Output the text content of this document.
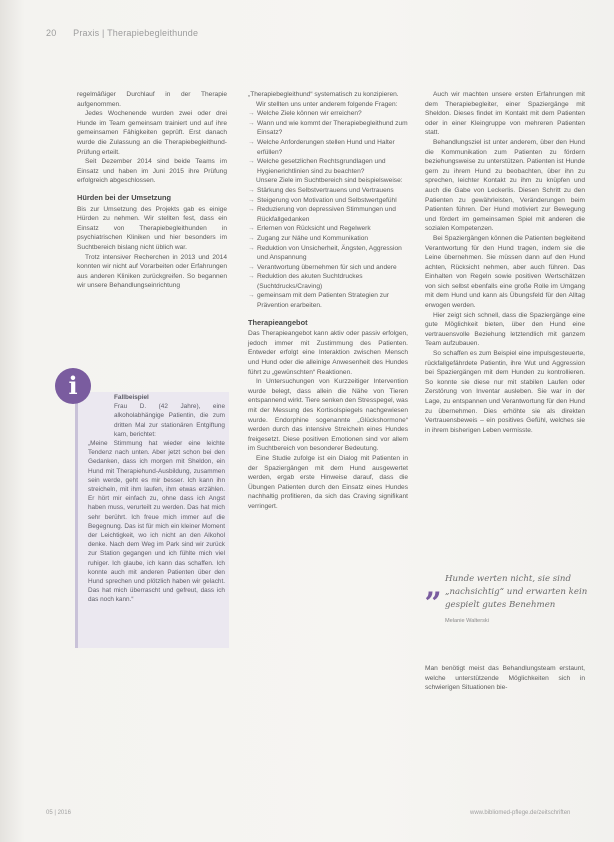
20 Praxis | Therapiebegleithunde

regelmäßiger Durchlauf in der Therapie aufgenommen.

Jedes Wochenende wurden zwei oder drei Hunde im Team gemeinsam trainiert und auf ihre gemeinsamen Fähigkeiten geprüft. Erst danach wurde die Zulassung an die Therapiebegleithund-Prüfung erteilt.

Seit Dezember 2014 sind beide Teams im Einsatz und haben im Juni 2015 ihre Prüfung erfolgreich abgeschlossen.

Hürden bei der Umsetzung

Bis zur Umsetzung des Projekts gab es einige Hürden zu nehmen. Wir stellten fest, dass ein Einsatz von Therapiebegleithunden in psychiatrischen Kliniken und hier besonders im Suchtbereich bislang nicht üblich war.

Trotz intensiver Recherchen in 2013 und 2014 konnten wir nicht auf Vorarbeiten oder Erfahrungen aus anderen Kliniken zurückgreifen. So begannen wir unsere Behandlungseinrichtung

Fallbeispiel

Frau D. (42 Jahre), eine alkoholabhängige Patientin, die zum dritten Mal zur stationären Entgiftung kam, berichtet:

„Meine Stimmung hat wieder eine leichte Tendenz nach unten. Aber jetzt schon bei den Gedanken, dass ich morgen mit Sheldon, ein Hund mit Therapiehund-Ausbildung, zusammen sein werde, geht es mir besser. Ich kann ihn streicheln, mit ihm laufen, ihm etwas erzählen. Er hört mir einfach zu, ohne dass ich Angst haben muss, verurteilt zu werden. Das hat mich sehr berührt. Ich freue mich immer auf die Begegnung. Das ist für mich ein kleiner Moment der Leichtigkeit, wo ich nicht an den Alkohol denke. Nach dem Weg im Park sind wir zurück zur Station gegangen und ich fühlte mich viel ruhiger. Ich glaube, ich kann das schaffen. Ich konnte auch mit anderen Patienten über den Hund sprechen und plötzlich haben wir gelacht. Das hat mich überrascht und gefreut, dass ich das noch kann.“

i

„Therapiebegleithund“ systematisch zu konzipieren.

Wir stellten uns unter anderem folgende Fragen:

→ Welche Ziele können wir erreichen?
→ Wann und wie kommt der Therapiebegleithund zum Einsatz?
→ Welche Anforderungen stellen Hund und Halter erfüllen?
→ Welche gesetzlichen Rechtsgrundlagen und Hygienerichtlinien sind zu beachten?

Unsere Ziele im Suchtbereich sind beispielsweise:

→ Stärkung des Selbstvertrauens und Vertrauens
→ Steigerung von Motivation und Selbstwertgefühl
→ Reduzierung von depressiven Stimmungen und Rückfallgedanken
→ Erlernen von Rücksicht und Regelwerk
→ Zugang zur Nähe und Kommunikation
→ Reduktion von Unsicherheit, Ängsten, Aggression und Anspannung
→ Verantwortung übernehmen für sich und andere
→ Reduktion des akuten Suchtdruckes (Suchtdrucks/Craving)
→ gemeinsam mit dem Patienten Strategien zur Prävention erarbeiten.
Therapieangebot

Das Therapieangebot kann aktiv oder passiv erfolgen, jedoch immer mit Zustimmung des Patienten. Entweder erfolgt eine Interaktion zwischen Mensch und Hund oder die alleinige Anwesenheit des Hundes führt zu „gewünschten“ Reaktionen.

In Untersuchungen von Kurzzeitiger Intervention wurde belegt, dass allein die Nähe von Tieren entspannend wirkt. Tiere senken den Stresspegel, was mit der Messung des Kortisolspiegels nachgewiesen wurde. Endorphine sogenannte „Glückshormone“ werden durch das intensive Streicheln eines Hundes freigesetzt. Diese positiven Emotionen sind vor allem im Suchtbereich von besonderer Bedeutung.

Eine Studie zufolge ist ein Dialog mit Patienten in der Spaziergängen mit dem Hund ausgewertet werden, ergab erste Hinweise darauf, dass die Übungen Patienten durch den Einsatz eines Hundes nachhaltig profitieren, da sich das Craving signifikant verringert.

Auch wir machten unsere ersten Erfahrungen mit dem Therapiebegleiter, einer Spaziergänge mit Sheldon. Dieses findet im Kontakt mit dem Patienten oder in einer Kleingruppe von mehreren Patienten statt.

Behandlungsziel ist unter anderem, über den Hund die Kommunikation zum Patienten zu fördern beziehungsweise zu unterstützen. Patienten ist Hunde gern zu ihrem Hund zu beobachten, über ihn zu sprechen, leichter Kontakt zu ihm zu knüpfen und auch die Gabe von Leckerlis. Diesen Schritt zu den Patienten zu gewährleisten, Veränderungen beim Patienten führen. Der Hund motiviert zur Bewegung und fördert im gemeinsamen Spiel mit anderen die sozialen Kompetenzen.

Bei Spaziergängen können die Patienten begleitend Verantwortung für den Hund tragen, indem sie die Leine übernehmen. Sie müssen dann auf den Hund achten, Rücksicht nehmen, aber auch führen. Das Einhalten von Regeln sowie positiven Wertschätzen von sich selbst ebenfalls eine große Rolle im Umgang mit dem Hund und kann als Übungsfeld für den Alltag erwogen werden.

Hier zeigt sich schnell, dass die Spaziergänge eine gute Möglichkeit bieten, über den Hund eine vertrauensvolle Beziehung letztendlich mit ganzem Team aufzubauen.

So schaffen es zum Beispiel eine impulsgesteuerte, rückfallgefährdete Patientin, ihre Wut und Aggression bei Spaziergängen mit dem Hunden zu kontrollieren. So konnte sie diese nur mit stabilen Laufen oder Zerstörung von Inventar ausleben. Sie war in der Lage, zu entspannen und Verantwortung für den Hund zu übernehmen. Dies erhöhte sie als direkten Vertrauensbeweis – ein positives Gefühl, welches sie in ihrem bisherigen Leben vermisste.

„ Hunde werten nicht, sie sind „nachsichtig“ und erwarten kein gespielt gutes Benehmen
Melanie Walterski
Man benötigt meist das Behandlungsteam erstaunt, welche unterstützende Möglichkeiten sich in schwierigen Situationen bie-
05 | 2016	www.bibliomed-pflege.de/zeitschriften
